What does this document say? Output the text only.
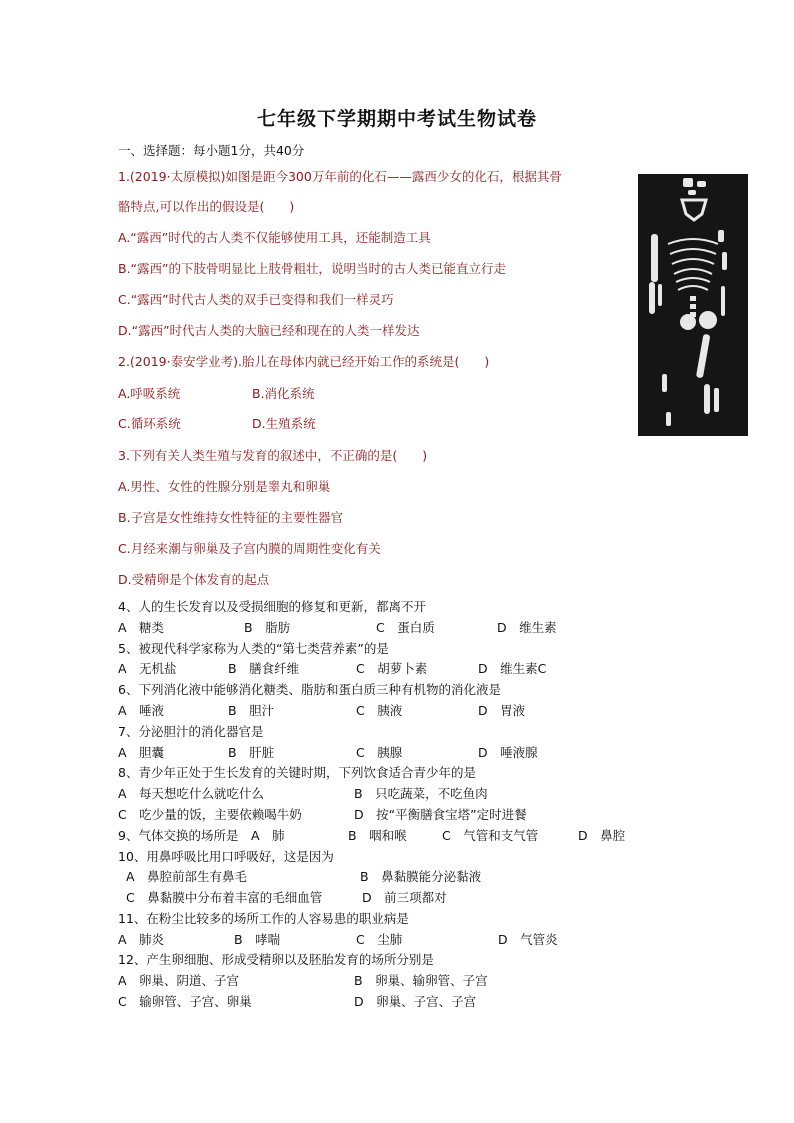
七年级下学期期中考试生物试卷
一、选择题：每小题1分，共40分
1.(2019·太原模拟)如图是距今300万年前的化石——露西少女的化石，根据其骨
骼特点,可以作出的假设是(　　)
A.“露西”时代的古人类不仅能够使用工具，还能制造工具
B.“露西”的下肢骨明显比上肢骨粗壮，说明当时的古人类已能直立行走
C.“露西”时代古人类的双手已变得和我们一样灵巧
D.“露西”时代古人类的大脑已经和现在的人类一样发达
2.(2019·泰安学业考).胎儿在母体内就已经开始工作的系统是(　　)
A.呼吸系统	B.消化系统
C.循环系统	D.生殖系统
3.下列有关人类生殖与发育的叙述中，不正确的是(　　)
A.男性、女性的性腺分别是睾丸和卵巢
B.子宫是女性维持女性特征的主要性器官
C.月经来潮与卵巢及子宫内膜的周期性变化有关
D.受精卵是个体发育的起点
4、人的生长发育以及受损细胞的修复和更新，都离不开
A　糖类	B　脂肪	C　蛋白质	D　维生素
5、被现代科学家称为人类的“第七类营养素”的是
A　无机盐	B　膳食纤维	C　胡萝卜素	D　维生素C
6、下列消化液中能够消化糖类、脂肪和蛋白质三种有机物的消化液是
A　唾液	B　胆汁	C　胰液	D　胃液
7、分泌胆汁的消化器官是
A　胆囊	B　肝脏	C　胰腺	D　唾液腺
8、青少年正处于生长发育的关键时期，下列饮食适合青少年的是
A　每天想吃什么就吃什么	B　只吃蔬菜，不吃鱼肉
C　吃少量的饭，主要依赖喝牛奶	D　按“平衡膳食宝塔”定时进餐
9、气体交换的场所是　A　肺	B　咽和喉	C　气管和支气管	D　鼻腔
10、用鼻呼吸比用口呼吸好，这是因为
A　鼻腔前部生有鼻毛	B　鼻黏膜能分泌黏液
C　鼻黏膜中分布着丰富的毛细血管	D　前三项都对
11、在粉尘比较多的场所工作的人容易患的职业病是
A　肺炎	B　哮喘	C　尘肺	D　气管炎
12、产生卵细胞、形成受精卵以及胚胎发育的场所分别是
A　卵巢、阴道、子宫	B　卵巢、输卵管、子宫
C　输卵管、子宫、卵巢	D　卵巢、子宫、子宫
